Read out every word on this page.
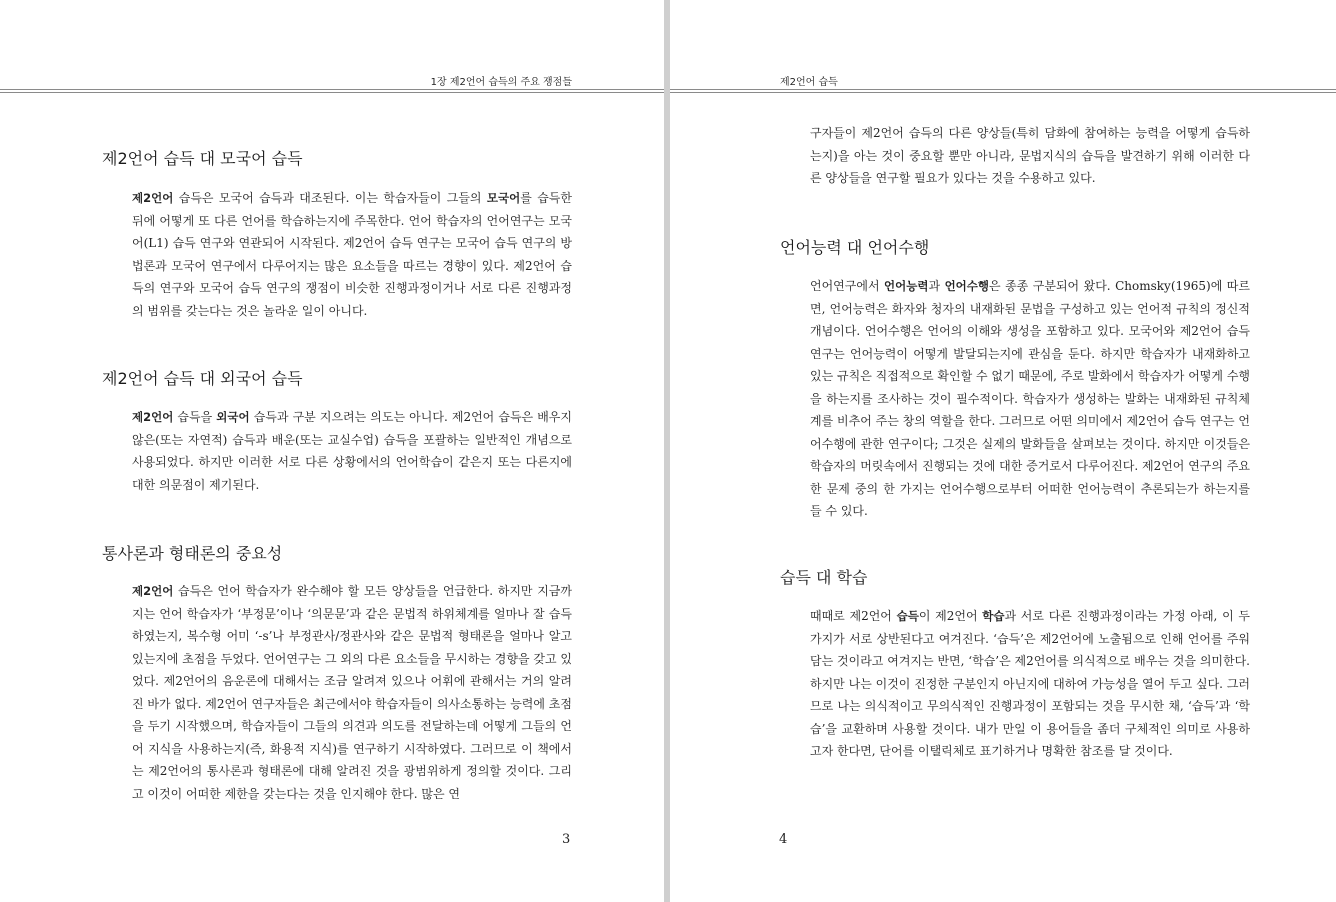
1장 제2언어 습득의 주요 쟁점들
제2언어 습득 대 모국어 습득

제2언어 습득은 모국어 습득과 대조된다. 이는 학습자들이 그들의 모국어를 습득한 뒤에 어떻게 또 다른 언어를 학습하는지에 주목한다. 언어 학습자의 언어연구는 모국어(L1) 습득 연구와 연관되어 시작된다. 제2언어 습득 연구는 모국어 습득 연구의 방법론과 모국어 연구에서 다루어지는 많은 요소들을 따르는 경향이 있다. 제2언어 습득의 연구와 모국어 습득 연구의 쟁점이 비슷한 진행과정이거나 서로 다른 진행과정의 범위를 갖는다는 것은 놀라운 일이 아니다.

제2언어 습득 대 외국어 습득

제2언어 습득을 외국어 습득과 구분 지으려는 의도는 아니다. 제2언어 습득은 배우지 않은(또는 자연적) 습득과 배운(또는 교실수업) 습득을 포괄하는 일반적인 개념으로 사용되었다. 하지만 이러한 서로 다른 상황에서의 언어학습이 같은지 또는 다른지에 대한 의문점이 제기된다.

통사론과 형태론의 중요성

제2언어 습득은 언어 학습자가 완수해야 할 모든 양상들을 언급한다. 하지만 지금까지는 언어 학습자가 ‘부정문’이나 ‘의문문’과 같은 문법적 하위체계를 얼마나 잘 습득하였는지, 복수형 어미 ‘-s’나 부정관사/정관사와 같은 문법적 형태론을 얼마나 알고 있는지에 초점을 두었다. 언어연구는 그 외의 다른 요소들을 무시하는 경향을 갖고 있었다. 제2언어의 음운론에 대해서는 조금 알려져 있으나 어휘에 관해서는 거의 알려진 바가 없다. 제2언어 연구자들은 최근에서야 학습자들이 의사소통하는 능력에 초점을 두기 시작했으며, 학습자들이 그들의 의견과 의도를 전달하는데 어떻게 그들의 언어 지식을 사용하는지(즉, 화용적 지식)를 연구하기 시작하였다. 그러므로 이 책에서는 제2언어의 통사론과 형태론에 대해 알려진 것을 광범위하게 정의할 것이다. 그리고 이것이 어떠한 제한을 갖는다는 것을 인지해야 한다. 많은 연

3
제2언어 습득

구자들이 제2언어 습득의 다른 양상들(특히 담화에 참여하는 능력을 어떻게 습득하는지)을 아는 것이 중요할 뿐만 아니라, 문법지식의 습득을 발견하기 위해 이러한 다른 양상들을 연구할 필요가 있다는 것을 수용하고 있다.

언어능력 대 언어수행

언어연구에서 언어능력과 언어수행은 종종 구분되어 왔다. Chomsky(1965)에 따르면, 언어능력은 화자와 청자의 내재화된 문법을 구성하고 있는 언어적 규칙의 정신적 개념이다. 언어수행은 언어의 이해와 생성을 포함하고 있다. 모국어와 제2언어 습득 연구는 언어능력이 어떻게 발달되는지에 관심을 둔다. 하지만 학습자가 내재화하고 있는 규칙은 직접적으로 확인할 수 없기 때문에, 주로 발화에서 학습자가 어떻게 수행을 하는지를 조사하는 것이 필수적이다. 학습자가 생성하는 발화는 내재화된 규칙체계를 비추어 주는 창의 역할을 한다. 그러므로 어떤 의미에서 제2언어 습득 연구는 언어수행에 관한 연구이다; 그것은 실제의 발화들을 살펴보는 것이다. 하지만 이것들은 학습자의 머릿속에서 진행되는 것에 대한 증거로서 다루어진다. 제2언어 연구의 주요한 문제 중의 한 가지는 언어수행으로부터 어떠한 언어능력이 추론되는가 하는지를 들 수 있다.

습득 대 학습

때때로 제2언어 습득이 제2언어 학습과 서로 다른 진행과정이라는 가정 아래, 이 두 가지가 서로 상반된다고 여겨진다. ‘습득’은 제2언어에 노출됨으로 인해 언어를 주워 담는 것이라고 여겨지는 반면, ‘학습’은 제2언어를 의식적으로 배우는 것을 의미한다. 하지만 나는 이것이 진정한 구분인지 아닌지에 대하여 가능성을 열어 두고 싶다. 그러므로 나는 의식적이고 무의식적인 진행과정이 포함되는 것을 무시한 채, ‘습득’과 ‘학습’을 교환하며 사용할 것이다. 내가 만일 이 용어들을 좀더 구체적인 의미로 사용하고자 한다면, 단어를 이탤릭체로 표기하거나 명확한 참조를 달 것이다.

4
